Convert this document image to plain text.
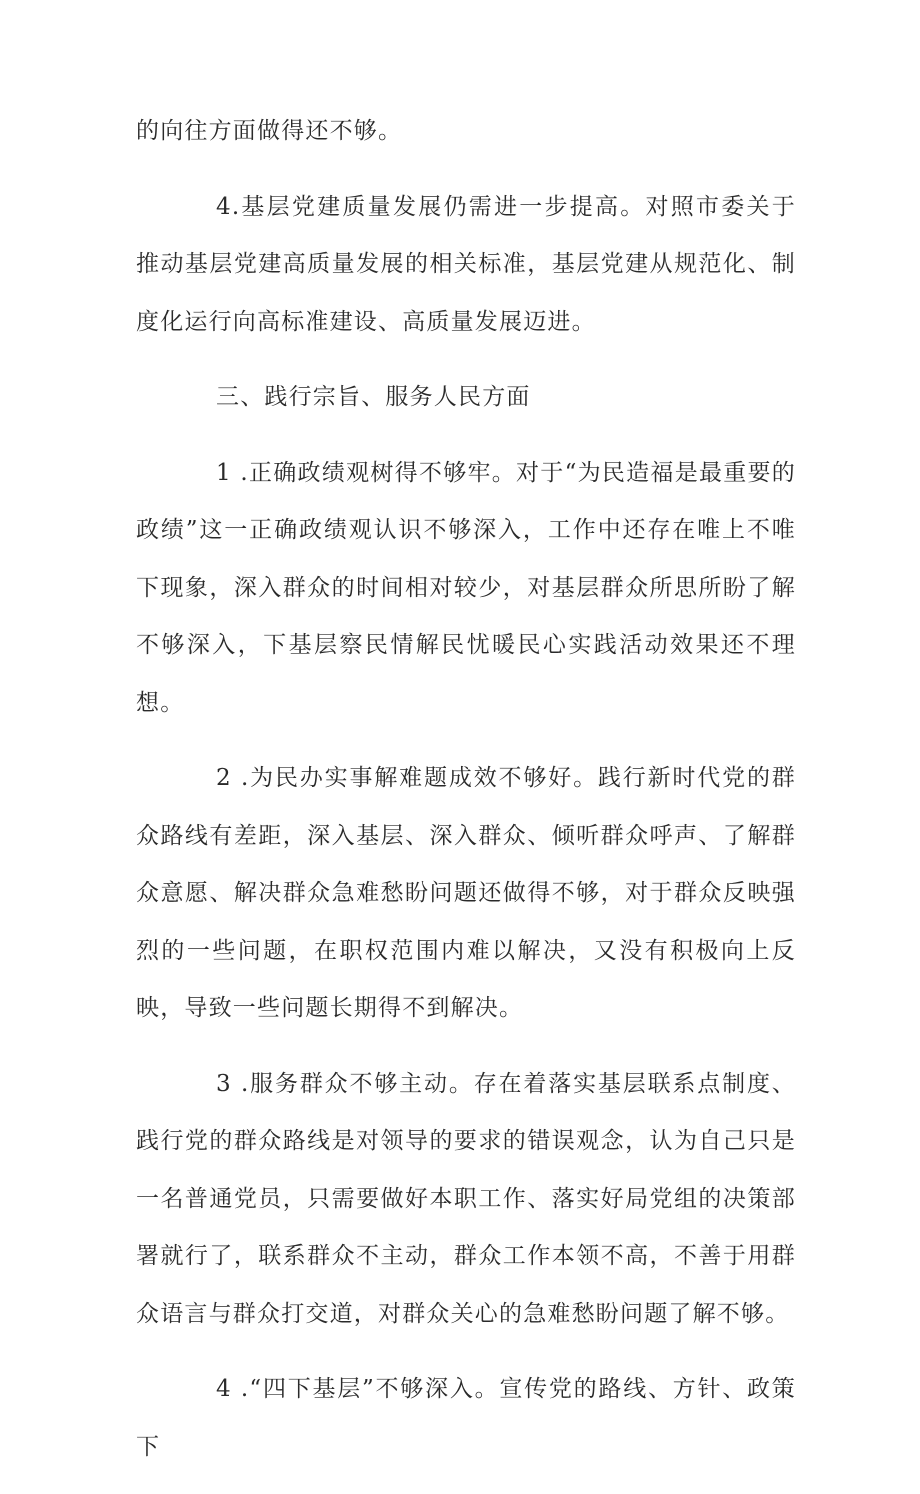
的向往方面做得还不够。

4.基层党建质量发展仍需进一步提高。对照市委关于推动基层党建高质量发展的相关标准，基层党建从规范化、制度化运行向高标准建设、高质量发展迈进。

三、践行宗旨、服务人民方面

1 .正确政绩观树得不够牢。对于“为民造福是最重要的政绩”这一正确政绩观认识不够深入，工作中还存在唯上不唯下现象，深入群众的时间相对较少，对基层群众所思所盼了解不够深入，下基层察民情解民忧暖民心实践活动效果还不理想。

2 .为民办实事解难题成效不够好。践行新时代党的群众路线有差距，深入基层、深入群众、倾听群众呼声、了解群众意愿、解决群众急难愁盼问题还做得不够，对于群众反映强烈的一些问题，在职权范围内难以解决，又没有积极向上反映，导致一些问题长期得不到解决。

3 .服务群众不够主动。存在着落实基层联系点制度、践行党的群众路线是对领导的要求的错误观念，认为自己只是一名普通党员，只需要做好本职工作、落实好局党组的决策部署就行了，联系群众不主动，群众工作本领不高，不善于用群众语言与群众打交道，对群众关心的急难愁盼问题了解不够。

4 .“四下基层”不够深入。宣传党的路线、方针、政策下
